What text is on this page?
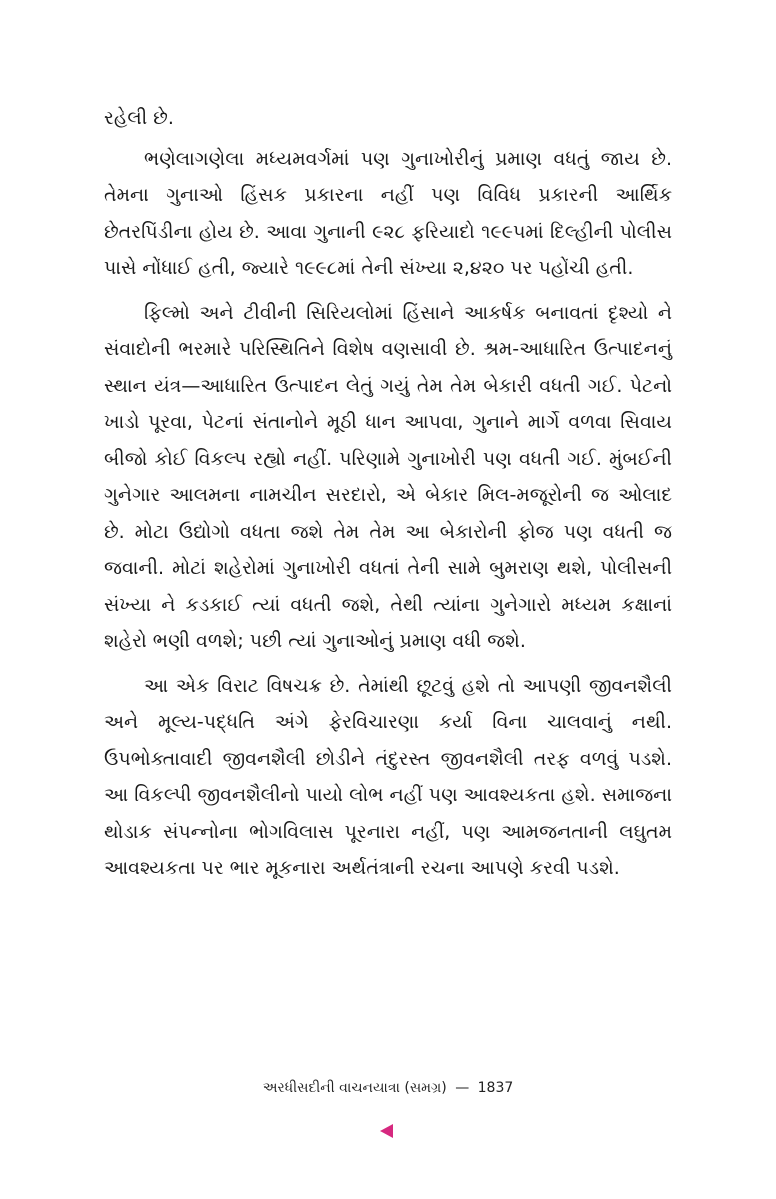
રહેલી છે.

ભણેલાગણેલા મધ્યમવર્ગમાં પણ ગુનાખોરીનું પ્રમાણ વધતું જાય છે. તેમના ગુનાઓ હિંસક પ્રકારના નહીં પણ વિવિધ પ્રકારની આર્થિક છેતરપિંડીના હોય છે. આવા ગુનાની ૯૨૮ ફરિયાદો ૧૯૯૫માં દિલ્હીની પોલીસ પાસે નોંધાઈ હતી, જ્યારે ૧૯૯૮માં તેની સંખ્યા ૨,૪૨૦ પર પહોંચી હતી.

ફિલ્મો અને ટીવીની સિરિયલોમાં હિંસાને આકર્ષક બનાવતાં દૃશ્યો ને સંવાદોની ભરમારે પરિસ્થિતિને વિશેષ વણસાવી છે. શ્રમ-આધારિત ઉત્પાદનનું સ્થાન યંત્ર—આધારિત ઉત્પાદન લેતું ગયું તેમ તેમ બેકારી વધતી ગઈ. પેટનો ખાડો પૂરવા, પેટનાં સંતાનોને મૂઠી ધાન આપવા, ગુનાને માર્ગે વળવા સિવાય બીજો કોઈ વિકલ્પ રહ્યો નહીં. પરિણામે ગુનાખોરી પણ વધતી ગઈ. મુંબઈની ગુનેગાર આલમના નામચીન સરદારો, એ બેકાર મિલ-મજૂરોની જ ઓલાદ છે. મોટા ઉદ્યોગો વધતા જશે તેમ તેમ આ બેકારોની ફોજ પણ વધતી જ જવાની. મોટાં શહેરોમાં ગુનાખોરી વધતાં તેની સામે બુમરાણ થશે, પોલીસની સંખ્યા ને કડકાઈ ત્યાં વધતી જશે, તેથી ત્યાંના ગુનેગારો મધ્યમ કક્ષાનાં શહેરો ભણી વળશે; પછી ત્યાં ગુનાઓનું પ્રમાણ વધી જશે.

આ એક વિરાટ વિષચક્ર છે. તેમાંથી છૂટવું હશે તો આપણી જીવનશૈલી અને મૂલ્ય-પદ્ધતિ અંગે ફેરવિચારણા કર્યા વિના ચાલવાનું નથી. ઉપભોક્તાવાદી જીવનશૈલી છોડીને તંદુરસ્ત જીવનશૈલી તરફ વળવું પડશે. આ વિકલ્પી જીવનશૈલીનો પાયો લોભ નહીં પણ આવશ્યકતા હશે. સમાજના થોડાક સંપન્નોના ભોગવિલાસ પૂરનારા નહીં, પણ આમજનતાની લઘુતમ આવશ્યકતા પર ભાર મૂકનારા અર્થતંત્રાની રચના આપણે કરવી પડશે.

અરધીસદીની વાચનયાત્રા (સમગ્ર) — 1837
